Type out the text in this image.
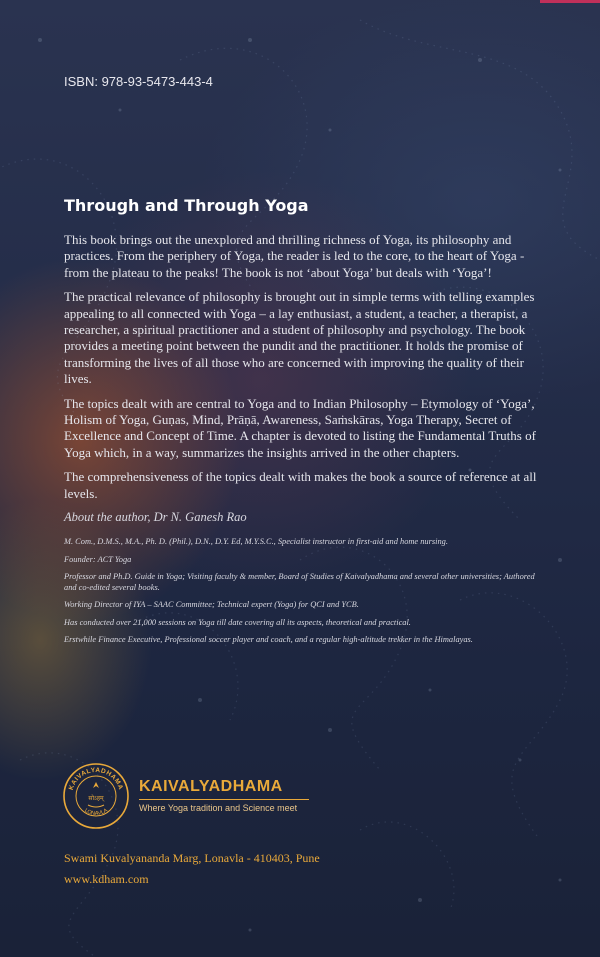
ISBN: 978-93-5473-443-4
Through and Through Yoga

This book brings out the unexplored and thrilling richness of Yoga, its philosophy and practices. From the periphery of Yoga, the reader is led to the core, to the heart of Yoga - from the plateau to the peaks! The book is not ‘about Yoga’ but deals with ‘Yoga’!

The practical relevance of philosophy is brought out in simple terms with telling examples appealing to all connected with Yoga – a lay enthusiast, a student, a teacher, a therapist, a researcher, a spiritual practitioner and a student of philosophy and psychology. The book provides a meeting point between the pundit and the practitioner. It holds the promise of transforming the lives of all those who are concerned with improving the quality of their lives.

The topics dealt with are central to Yoga and to Indian Philosophy – Etymology of ‘Yoga’, Holism of Yoga, Guṇas, Mind, Prāṇā, Awareness, Saṁskāras, Yoga Therapy, Secret of Excellence and Concept of Time. A chapter is devoted to listing the Fundamental Truths of Yoga which, in a way, summarizes the insights arrived in the other chapters.

The comprehensiveness of the topics dealt with makes the book a source of reference at all levels.

About the author, Dr N. Ganesh Rao
M. Com., D.M.S., M.A., Ph. D. (Phil.), D.N., D.Y. Ed, M.Y.S.C., Specialist instructor in first-aid and home nursing.
Founder: ACT Yoga
Professor and Ph.D. Guide in Yoga; Visiting faculty & member, Board of Studies of Kaivalyadhama and several other universities; Authored and co-edited several books.
Working Director of IYA – SAAC Committee; Technical expert (Yoga) for QCI and YCB.
Has conducted over 21,000 sessions on Yoga till date covering all its aspects, theoretical and practical.
Erstwhile Finance Executive, Professional soccer player and coach, and a regular high-altitude trekker in the Himalayas.
KAIVALYADHAMA
LONAVLA
सोऽहम्
KAIVALYADHAMA
Where Yoga tradition and Science meet
Swami Kuvalyananda Marg, Lonavla - 410403, Pune
www.kdham.com
